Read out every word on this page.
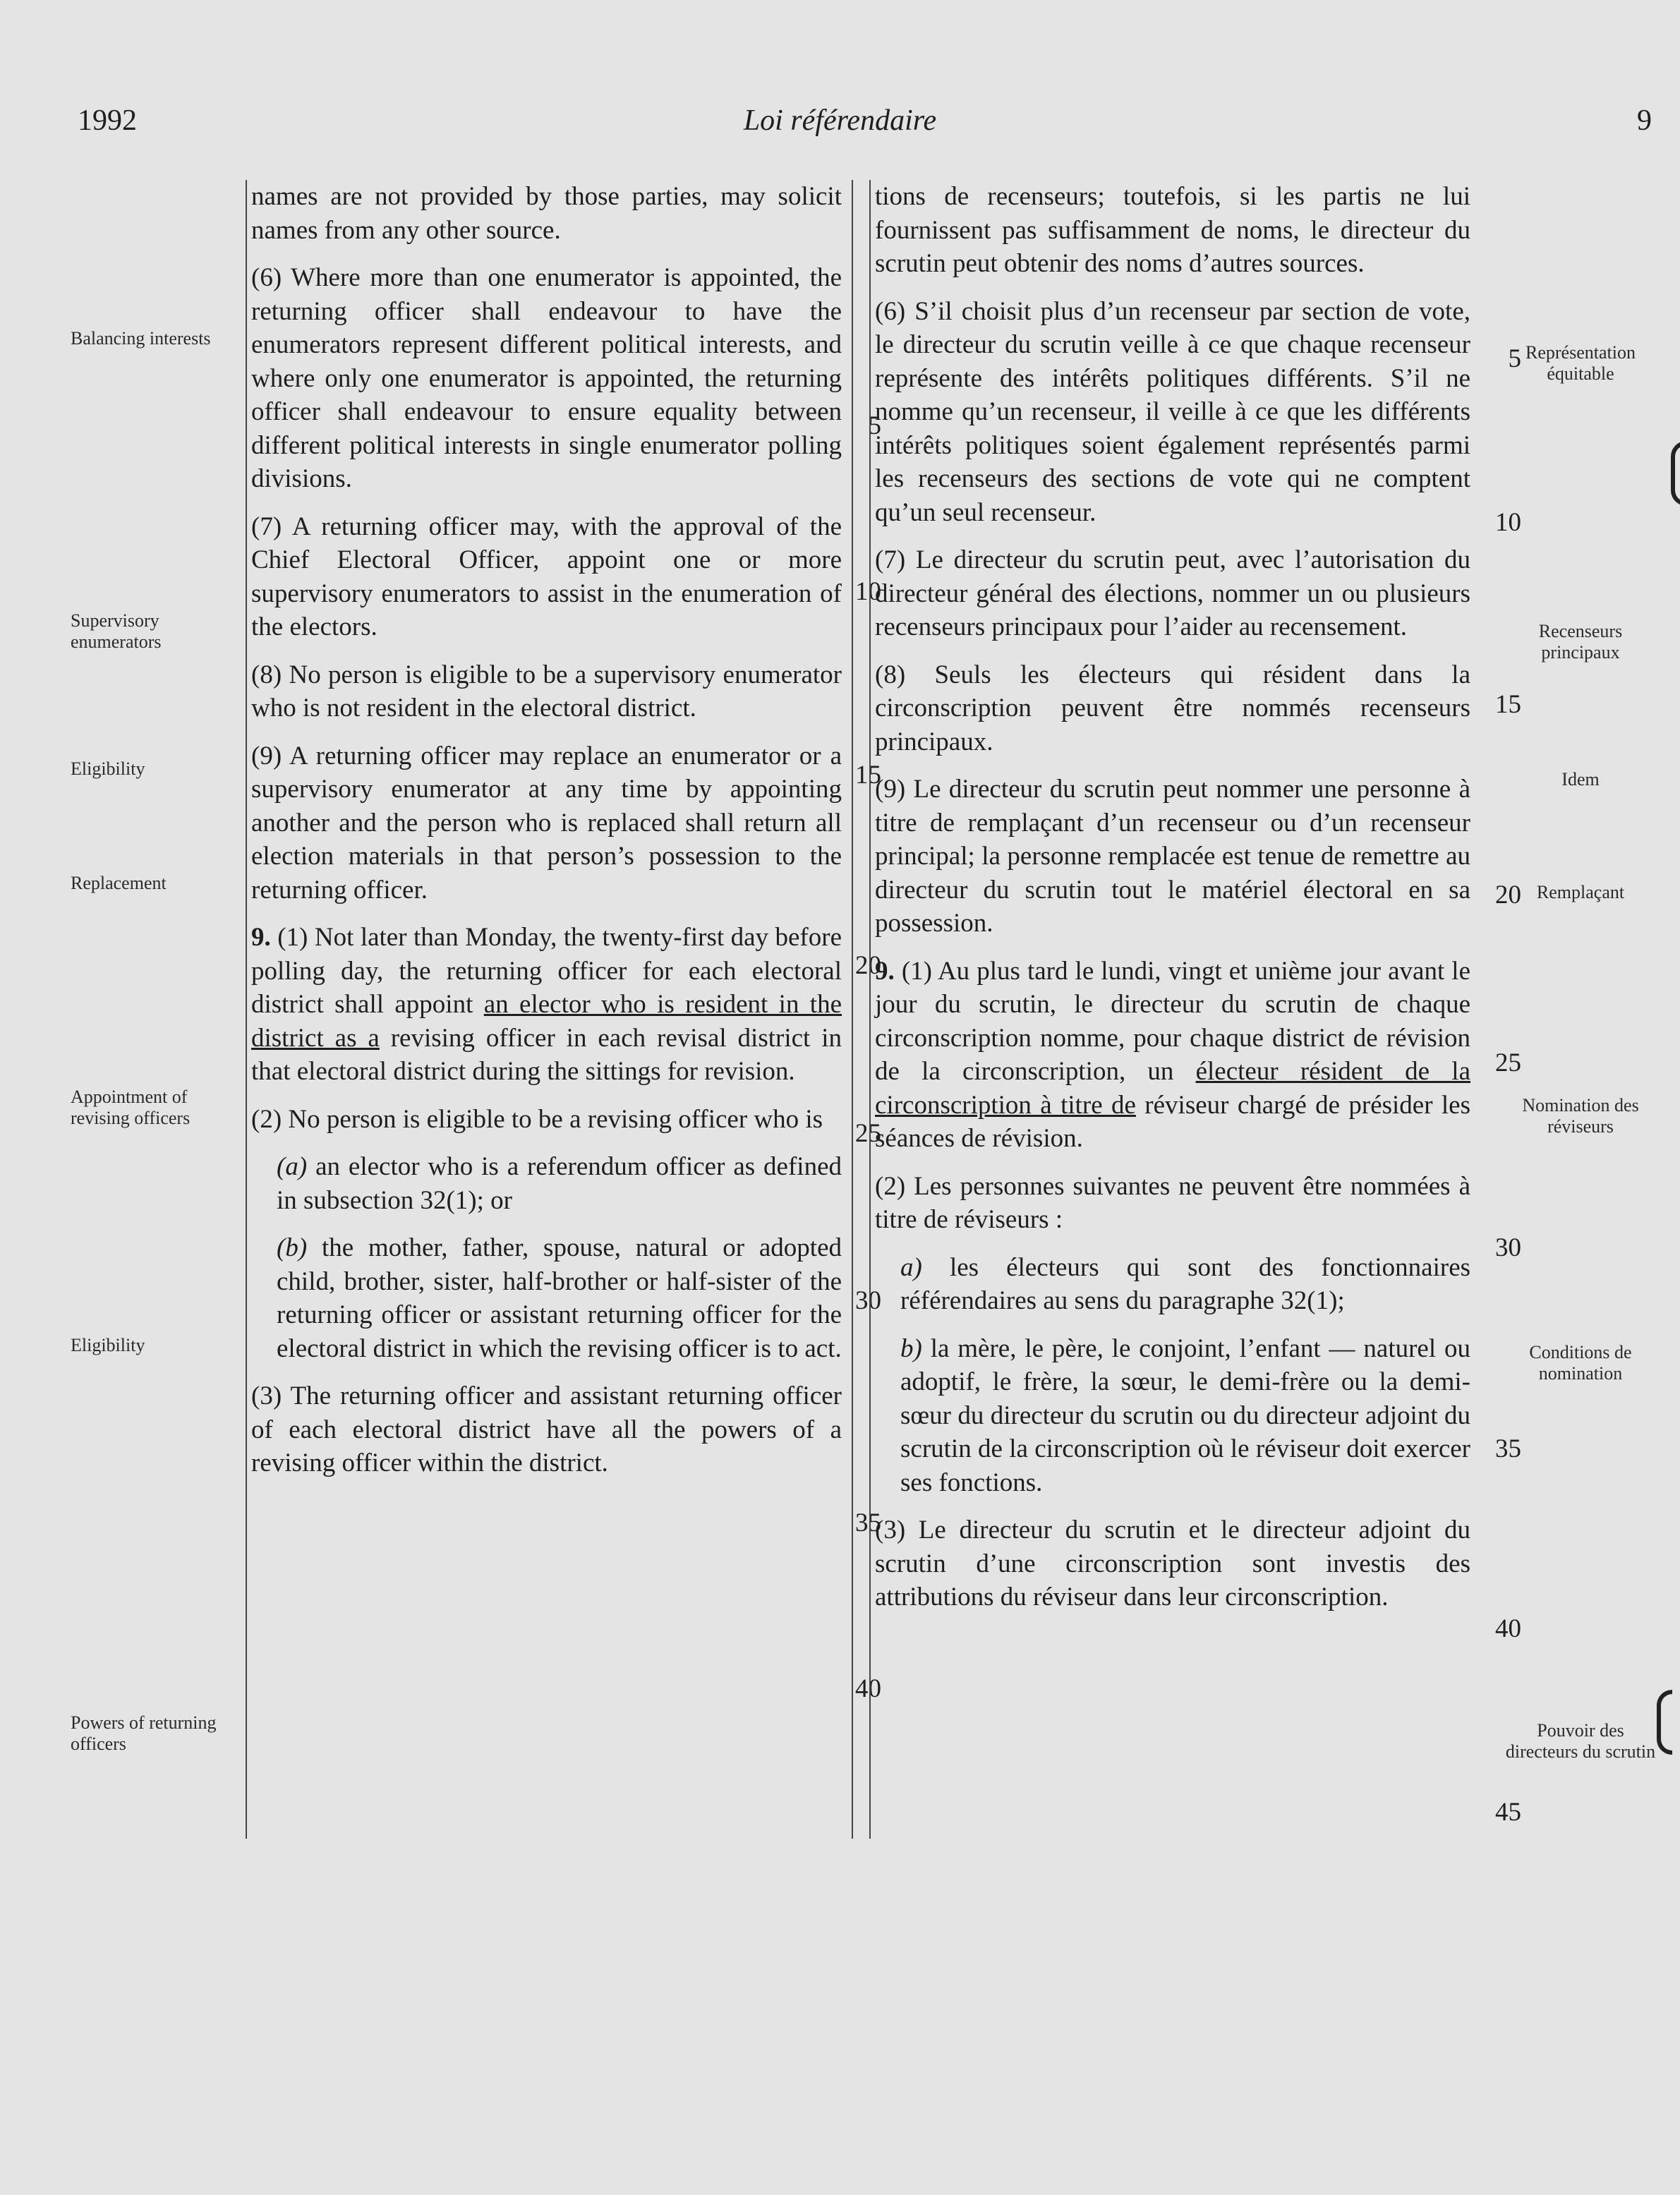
1992	Loi référendaire	9
Balancing interests
Supervisory enumerators
Eligibility
Replacement
Appointment of revising officers
Eligibility
Powers of returning officers
Représentation équitable
Recenseurs principaux
Idem
Remplaçant
Nomination des réviseurs
Conditions de nomination
Pouvoir des directeurs du scrutin

names are not provided by those parties, may solicit names from any other source.

(6) Where more than one enumerator is appointed, the returning officer shall endeavour to have the enumerators represent different political interests, and where only one enumerator is appointed, the returning officer shall endeavour to ensure equality between different political interests in single enumerator polling divisions.

(7) A returning officer may, with the approval of the Chief Electoral Officer, appoint one or more supervisory enumerators to assist in the enumeration of the electors.

(8) No person is eligible to be a supervisory enumerator who is not resident in the electoral district.

(9) A returning officer may replace an enumerator or a supervisory enumerator at any time by appointing another and the person who is replaced shall return all election materials in that person’s possession to the returning officer.

9. (1) Not later than Monday, the twenty-first day before polling day, the returning officer for each electoral district shall appoint an elector who is resident in the district as a revising officer in each revisal district in that electoral district during the sittings for revision.

(2) No person is eligible to be a revising officer who is

(a) an elector who is a referendum officer as defined in subsection 32(1); or

(b) the mother, father, spouse, natural or adopted child, brother, sister, half-brother or half-sister of the returning officer or assistant returning officer for the electoral district in which the revising officer is to act.

(3) The returning officer and assistant returning officer of each electoral district have all the powers of a revising officer within the district.

5
10
15
20
25
30
35
40

tions de recenseurs; toutefois, si les partis ne lui fournissent pas suffisamment de noms, le directeur du scrutin peut obtenir des noms d’autres sources.

(6) S’il choisit plus d’un recenseur par section de vote, le directeur du scrutin veille à ce que chaque recenseur représente des intérêts politiques différents. S’il ne nomme qu’un recenseur, il veille à ce que les différents intérêts politiques soient également représentés parmi les recenseurs des sections de vote qui ne comptent qu’un seul recenseur.

(7) Le directeur du scrutin peut, avec l’autorisation du directeur général des élections, nommer un ou plusieurs recenseurs principaux pour l’aider au recensement.

(8) Seuls les électeurs qui résident dans la circonscription peuvent être nommés recenseurs principaux.

(9) Le directeur du scrutin peut nommer une personne à titre de remplaçant d’un recenseur ou d’un recenseur principal; la personne remplacée est tenue de remettre au directeur du scrutin tout le matériel électoral en sa possession.

9. (1) Au plus tard le lundi, vingt et unième jour avant le jour du scrutin, le directeur du scrutin de chaque circonscription nomme, pour chaque district de révision de la circonscription, un électeur résident de la circonscription à titre de réviseur chargé de présider les séances de révision.

(2) Les personnes suivantes ne peuvent être nommées à titre de réviseurs :

a) les électeurs qui sont des fonctionnaires référendaires au sens du paragraphe 32(1);

b) la mère, le père, le conjoint, l’enfant — naturel ou adoptif, le frère, la sœur, le demi-frère ou la demi-sœur du directeur du scrutin ou du directeur adjoint du scrutin de la circonscription où le réviseur doit exercer ses fonctions.

(3) Le directeur du scrutin et le directeur adjoint du scrutin d’une circonscription sont investis des attributions du réviseur dans leur circonscription.

5
10
15
20
25
30
35
40
45
